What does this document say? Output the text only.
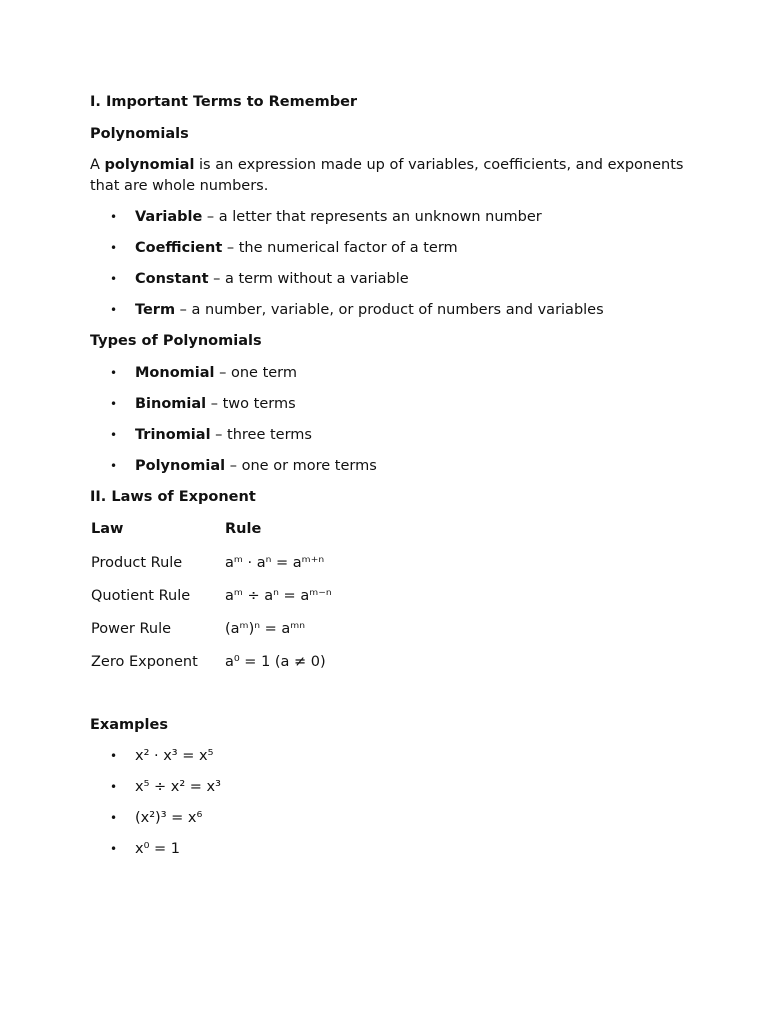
I. Important Terms to Remember

Polynomials

A polynomial is an expression made up of variables, coefficients, and exponents that are whole numbers.

• Variable – a letter that represents an unknown number
• Coefficient – the numerical factor of a term
• Constant – a term without a variable
• Term – a number, variable, or product of numbers and variables

Types of Polynomials

• Monomial – one term
• Binomial – two terms
• Trinomial – three terms
• Polynomial – one or more terms

II. Laws of Exponent

Law	Rule
Product Rule	aᵐ · aⁿ = aᵐ⁺ⁿ
Quotient Rule	aᵐ ÷ aⁿ = aᵐ⁻ⁿ
Power Rule	(aᵐ)ⁿ = aᵐⁿ
Zero Exponent	a⁰ = 1 (a ≠ 0)

Examples

• x² · x³ = x⁵
• x⁵ ÷ x² = x³
• (x²)³ = x⁶
• x⁰ = 1
